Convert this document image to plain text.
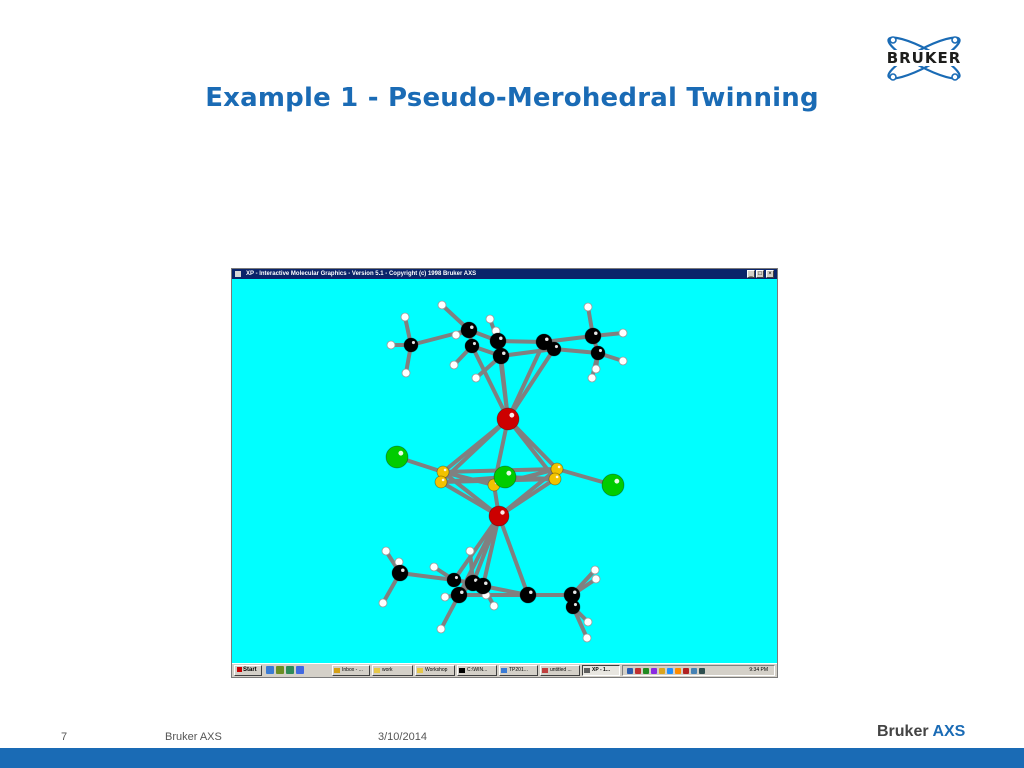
Example 1 - Pseudo-Merohedral Twinning
BRUKER
XP - Interactive Molecular Graphics - Version 5.1 - Copyright (c) 1998 Bruker AXS	_ □	×
Start	Inbox - ...	work	Workshop	C:\WIN...	TP201...	untitled ...	XP - 1...	9:34 PM
7	Bruker AXS	3/10/2014	Bruker AXS
